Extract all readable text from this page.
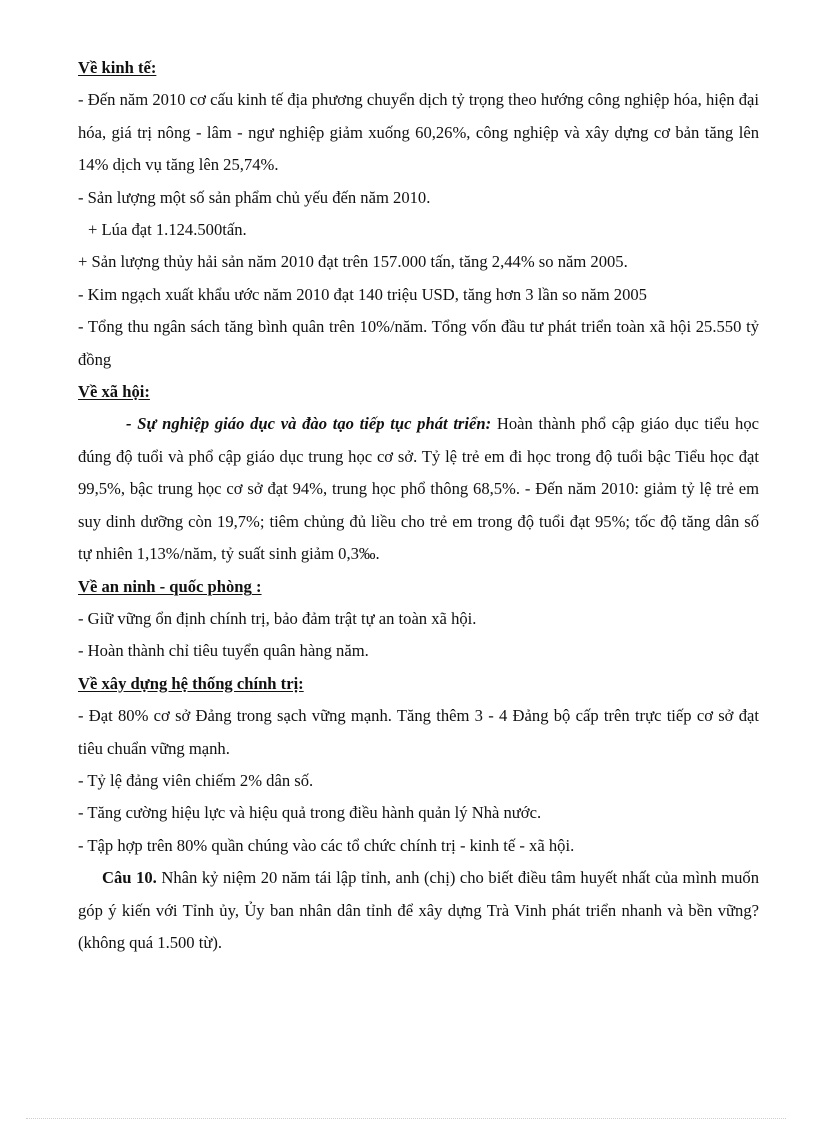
Về kinh tế:

- Đến năm 2010 cơ cấu kinh tế địa phương chuyển dịch tỷ trọng theo hướng công nghiệp hóa, hiện đại hóa, giá trị nông - lâm - ngư nghiệp giảm xuống 60,26%, công nghiệp và xây dựng cơ bản tăng lên 14% dịch vụ tăng lên 25,74%.

- Sản lượng một số sản phẩm chủ yếu đến năm 2010.

+ Lúa đạt 1.124.500tấn.

+ Sản lượng thủy hải sản năm 2010 đạt trên 157.000 tấn, tăng 2,44% so năm 2005.

- Kim ngạch xuất khẩu ước năm 2010 đạt 140 triệu USD, tăng hơn 3 lần so năm 2005

- Tổng thu ngân sách tăng bình quân trên 10%/năm. Tổng vốn đầu tư phát triển toàn xã hội 25.550 tỷ đồng

Về xã hội:

- Sự nghiệp giáo dục và đào tạo tiếp tục phát triển: Hoàn thành phổ cập giáo dục tiểu học đúng độ tuổi và phổ cập giáo dục trung học cơ sở. Tỷ lệ trẻ em đi học trong độ tuổi bậc Tiểu học đạt 99,5%, bậc trung học cơ sở đạt 94%, trung học phổ thông 68,5%. - Đến năm 2010: giảm tỷ lệ trẻ em suy dinh dưỡng còn 19,7%; tiêm chủng đủ liều cho trẻ em trong độ tuổi đạt 95%; tốc độ tăng dân số tự nhiên 1,13%/năm, tỷ suất sinh giảm 0,3‰.

Về an ninh - quốc phòng :

- Giữ vững ổn định chính trị, bảo đảm trật tự an toàn xã hội.

- Hoàn thành chỉ tiêu tuyển quân hàng năm.

Về xây dựng hệ thống chính trị:

- Đạt 80% cơ sở Đảng trong sạch vững mạnh. Tăng thêm 3 - 4 Đảng bộ cấp trên trực tiếp cơ sở đạt tiêu chuẩn vững mạnh.

- Tỷ lệ đảng viên chiếm 2% dân số.

- Tăng cường hiệu lực và hiệu quả trong điều hành quản lý Nhà nước.

- Tập hợp trên 80% quần chúng vào các tổ chức chính trị - kinh tế - xã hội.

Câu 10. Nhân kỷ niệm 20 năm tái lập tỉnh, anh (chị) cho biết điều tâm huyết nhất của mình muốn góp ý kiến với Tỉnh ủy, Ủy ban nhân dân tỉnh để xây dựng Trà Vinh phát triển nhanh và bền vững? (không quá 1.500 từ).
